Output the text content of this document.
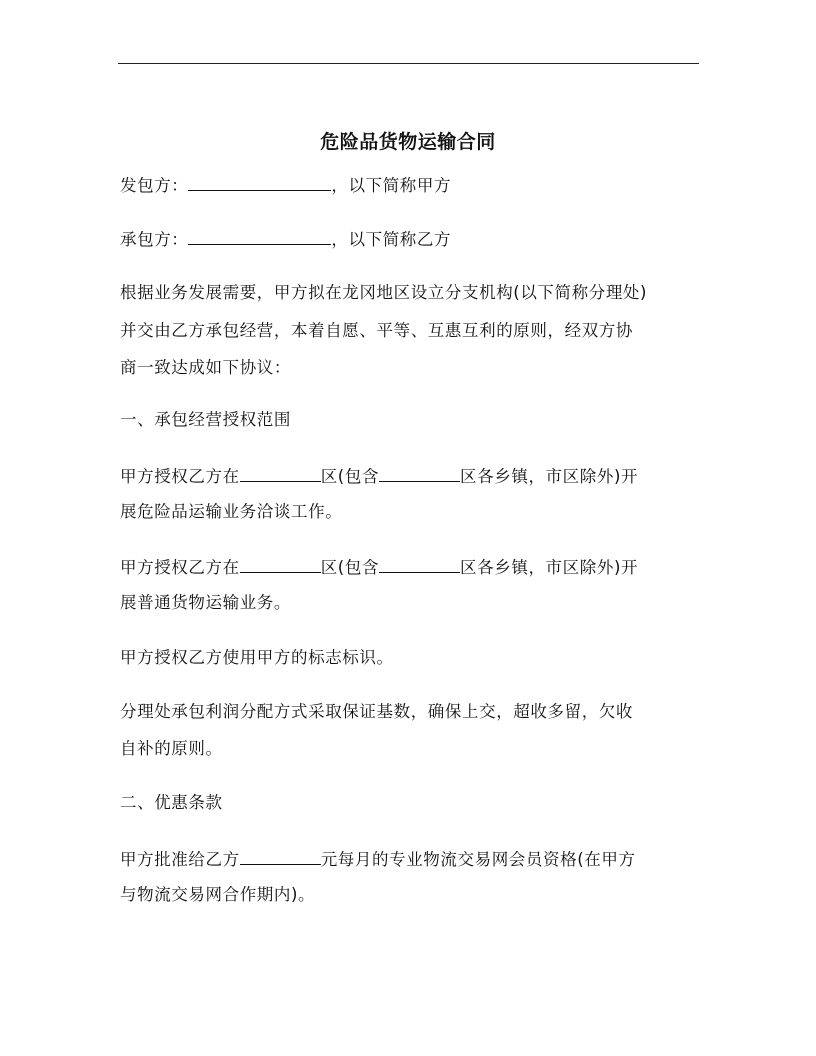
危险品货物运输合同
发包方：	，以下简称甲方
承包方：	，以下简称乙方
根据业务发展需要，甲方拟在龙冈地区设立分支机构(以下简称分理处)
并交由乙方承包经营，本着自愿、平等、互惠互利的原则，经双方协
商一致达成如下协议：
一、承包经营授权范围
甲方授权乙方在	区(包含	区各乡镇，市区除外)开
展危险品运输业务洽谈工作。
甲方授权乙方在	区(包含	区各乡镇，市区除外)开
展普通货物运输业务。
甲方授权乙方使用甲方的标志标识。
分理处承包利润分配方式采取保证基数，确保上交，超收多留，欠收
自补的原则。
二、优惠条款
甲方批准给乙方	元每月的专业物流交易网会员资格(在甲方
与物流交易网合作期内)。
